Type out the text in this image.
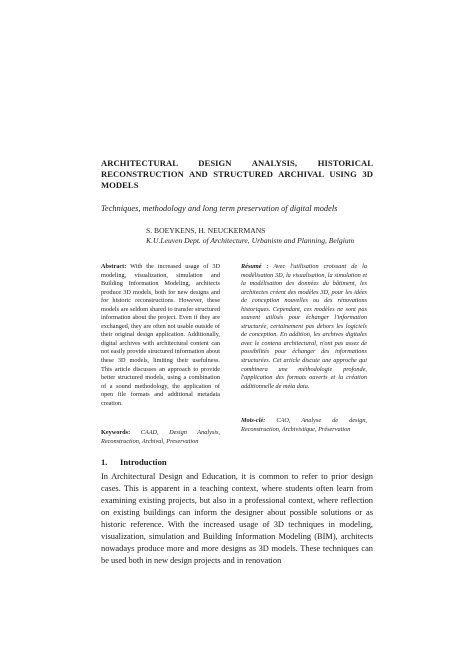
ARCHITECTURAL DESIGN ANALYSIS, HISTORICAL RECONSTRUCTION AND STRUCTURED ARCHIVAL USING 3D MODELS
Techniques, methodology and long term preservation of digital models
S. BOEYKENS, H. NEUCKERMANS
K.U.Leuven Dept. of Architecture, Urbanism and Planning, Belgium
Abstract: With the increased usage of 3D modeling, visualization, simulation and Building Information Modeling, architects produce 3D models, both for new designs and for historic reconstructions. However, these models are seldom shared to transfer structured information about the project. Even if they are exchanged, they are often not usable outside of their original design application. Additionally, digital archives with architectural content can not easily provide structured information about these 3D models, limiting their usefulness. This article discusses an approach to provide better structured models, using a combination of a sound methodology, the application of open file formats and additional metadata creation.
Keywords: CAAD, Design Analysis, Reconstruction, Archival, Preservation
Résumé : Avec l'utilisation croissant de la modélisation 3D, la visualisation, la simulation et la modélisation des données du bâtiment, les architectes créent des modèles 3D, pour les idées de conception nouvelles ou des rénovations historiques. Cependant, ces modèles ne sont pas souvent utilisés pour échanger l'information structurée, certainement pas dehors les logiciels de conception. En addition, les archives digitales avec le contenu architectural, n'ont pas assez de possibilités pour échanger des informations structurées. Cet article discute une approche qui combinera une méthodologie profonde, l'application des formats ouverts et la création additionnelle de méta data.
Mots-clé: CAO, Analyse de design, Reconstruction, Archivistique, Préservation
1. Introduction
In Architectural Design and Education, it is common to refer to prior design cases. This is apparent in a teaching context, where students often learn from examining existing projects, but also in a professional context, where reflection on existing buildings can inform the designer about possible solutions or as historic reference. With the increased usage of 3D techniques in modeling, visualization, simulation and Building Information Modeling (BIM), architects nowadays produce more and more designs as 3D models. These techniques can be used both in new design projects and in renovation
